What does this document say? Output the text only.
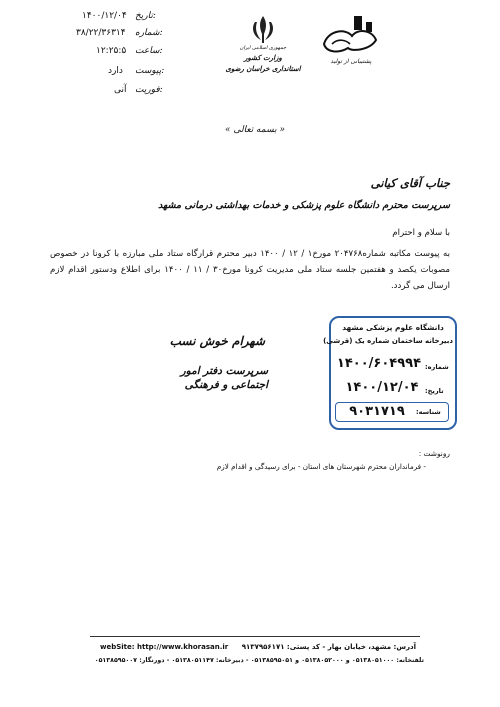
۱۴۰۰/۱۲/۰۴ تاریخ:
۳۸/۲۲/۳۶۳۱۴ شماره:
۱۲:۲۵:۵ ساعت:
دارد پیوست:
آنی فوریت:
جمهوری اسلامی ایران
وزارت کشور
استانداری خراسان رضوی
پشتیبانی از تولید
« بسمه تعالی »
جناب آقای کیانی
سرپرست محترم دانشگاه علوم پزشکی و خدمات بهداشتی درمانی مشهد
با سلام و احترام
به پیوست مکاتبه شماره۲۰۴۷۶۸ مورخ۱ / ۱۲ / ۱۴۰۰ دبیر محترم قرارگاه ستاد ملی مبارزه با کرونا در خصوص مصوبات یکصد و هفتمین جلسه ستاد ملی مدیریت کرونا مورخ۳۰ / ۱۱ / ۱۴۰۰ برای اطلاع ودستور اقدام لازم ارسال می گردد.
شهرام خوش نسب
سرپرست دفتر امور اجتماعی و فرهنگی
دانشگاه علوم پزشکی مشهد
دبیرخانه ساختمان شماره یک (قرشی)
شماره:
۱۴۰۰/۶۰۴۹۹۴
تاریخ:
۱۴۰۰/۱۲/۰۴
شناسه:
۹۰۳۱۷۱۹
رونوشت :
- فرمانداران محترم شهرستان های استان - برای رسیدگی و اقدام لازم
webSite: http://www.khorasan.ir	آدرس: مشهد، خیابان بهار - کد پستی: ۹۱۳۷۹۵۶۱۷۱
تلفنخانه: ۰۵۱۳۸۰۵۱۰۰۰ و ۰۵۱۳۸۰۵۲۰۰۰ و ۰۵۱۳۸۵۹۵۰۵۱ - دبیرخانه: ۰۵۱۳۸۰۵۱۱۴۷ - دورنگار: ۰۵۱۳۸۵۹۵۰۰۷
